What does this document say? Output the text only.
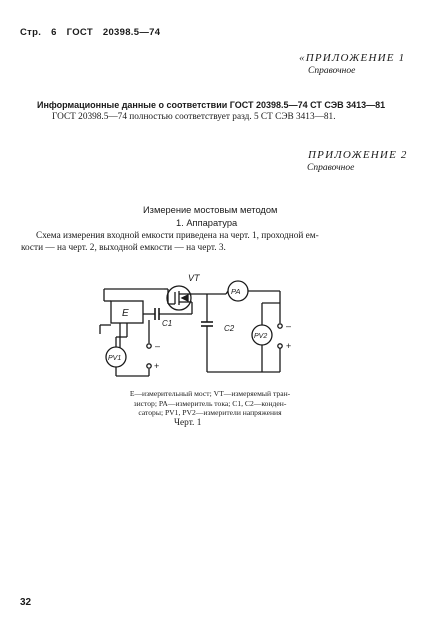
Стр. 6 ГОСТ 20398.5—74
«ПРИЛОЖЕНИЕ 1
Справочное
Информационные данные о соответствии ГОСТ 20398.5—74 СТ СЭВ 3413—81
ГОСТ 20398.5—74 полностью соответствует разд. 5 СТ СЭВ 3413—81.
ПРИЛОЖЕНИЕ 2
Справочное
Измерение мостовым методом
1. Аппаратура
Схема измерения входной емкости приведена на черт. 1, проходной ем-
кости — на черт. 2, выходной емкости — на черт. 3.
E
VT
C1
C2
PA
PV1
PV2
–
+
–
+
E—измерительный мост; VT—измеряемый тран-
зистор; PA—измеритель тока; C1, C2—конден-
саторы; PV1, PV2—измерители напряжения
Черт. 1
32
